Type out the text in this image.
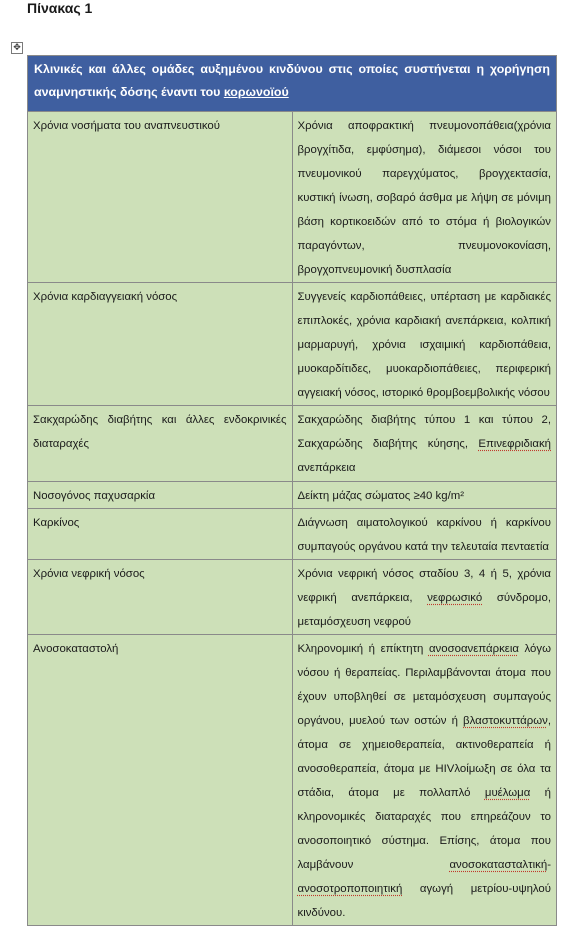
Πίνακας 1
✥
Κλινικές και άλλες ομάδες αυξημένου κινδύνου στις οποίες συστήνεται η χορήγηση αναμνηστικής δόσης έναντι του κορωνοϊού	
Χρόνια νοσήματα του αναπνευστικού	Χρόνια αποφρακτική πνευμονοπάθεια(χρόνια βρογχίτιδα, εμφύσημα), διάμεσοι νόσοι του πνευμονικού παρεγχύματος, βρογχεκτασία, κυστική ίνωση, σοβαρό άσθμα με λήψη σε μόνιμη βάση κορτικοειδών από το στόμα ή βιολογικών παραγόντων, πνευμονοκονίαση, βρογχοπνευμονική δυσπλασία
Χρόνια καρδιαγγειακή νόσος	Συγγενείς καρδιοπάθειες, υπέρταση με καρδιακές επιπλοκές, χρόνια καρδιακή ανεπάρκεια, κολπική μαρμαρυγή, χρόνια ισχαιμική καρδιοπάθεια, μυοκαρδίτιδες, μυοκαρδιοπάθειες, περιφερική αγγειακή νόσος, ιστορικό θρομβοεμβολικής νόσου
Σακχαρώδης διαβήτης και άλλες ενδοκρινικές διαταραχές	Σακχαρώδης διαβήτης τύπου 1 και τύπου 2, Σακχαρώδης διαβήτης κύησης, Επινεφριδιακή ανεπάρκεια
Νοσογόνος παχυσαρκία	Δείκτη μάζας σώματος ≥40 kg/m²
Καρκίνος	Διάγνωση αιματολογικού καρκίνου ή καρκίνου συμπαγούς οργάνου κατά την τελευταία πενταετία
Χρόνια νεφρική νόσος	Χρόνια νεφρική νόσος σταδίου 3, 4 ή 5, χρόνια νεφρική ανεπάρκεια, νεφρωσικό σύνδρομο, μεταμόσχευση νεφρού
Ανοσοκαταστολή	Κληρονομική ή επίκτητη ανοσοανεπάρκεια λόγω νόσου ή θεραπείας. Περιλαμβάνονται άτομα που έχουν υποβληθεί σε μεταμόσχευση συμπαγούς οργάνου, μυελού των οστών ή βλαστοκυττάρων, άτομα σε χημειοθεραπεία, ακτινοθεραπεία ή ανοσοθεραπεία, άτομα με HIVλοίμωξη σε όλα τα στάδια, άτομα με πολλαπλό μυέλωμα ή κληρονομικές διαταραχές που επηρεάζουν το ανοσοποιητικό σύστημα. Επίσης, άτομα που λαμβάνουν ανοσοκατασταλτική- ανοσοτροποποιητική αγωγή μετρίου-υψηλού κινδύνου.
